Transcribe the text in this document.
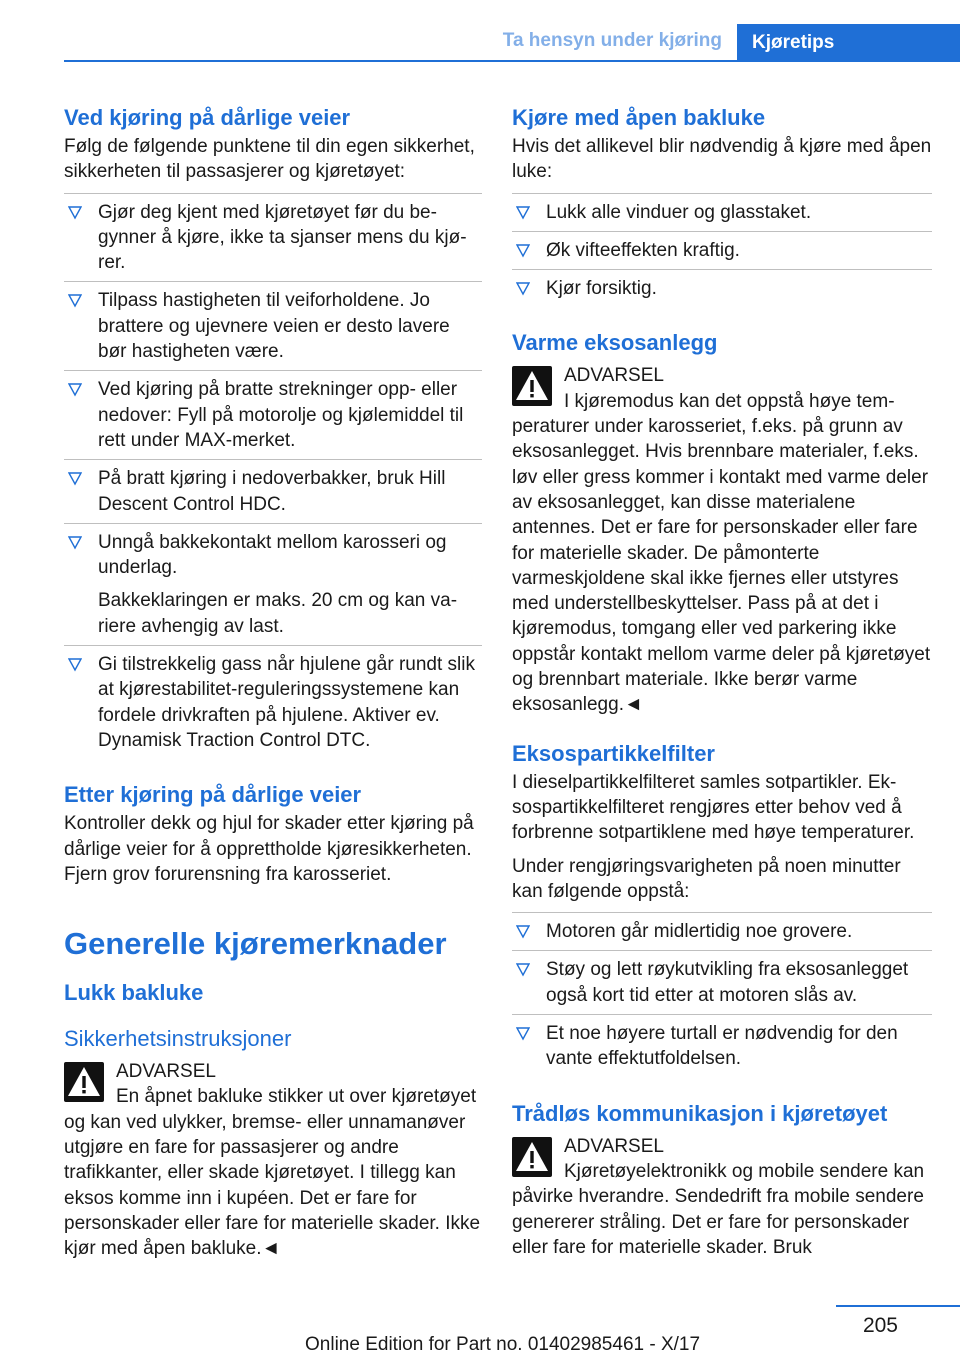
Ta hensyn under kjøring	Kjøretips
Ved kjøring på dårlige veier

Følg de følgende punktene til din egen sikkerhet, sikkerheten til passasjerer og kjøretøyet:

Gjør deg kjent med kjøretøyet før du begynner å kjøre, ikke ta sjanser mens du kjører.
Tilpass hastigheten til veiforholdene. Jo brattere og ujevnere veien er desto lavere bør hastigheten være.
Ved kjøring på bratte strekninger opp- eller nedover: Fyll på motorolje og kjølemiddel til rett under MAX-merket.
På bratt kjøring i nedoverbakker, bruk Hill Descent Control HDC.
Unngå bakkekontakt mellom karosseri og underlag.

Bakkeklaringen er maks. 20 cm og kan variere avhengig av last.

Gi tilstrekkelig gass når hjulene går rundt slik at kjørestabilitet-reguleringssystemene kan fordele drivkraften på hjulene. Aktiver ev. Dynamisk Traction Control DTC.
Etter kjøring på dårlige veier

Kontroller dekk og hjul for skader etter kjøring på dårlige veier for å opprettholde kjøresikkerheten. Fjern grov forurensning fra karosseriet.

Generelle kjøremerknader
Lukk bakluke
Sikkerhetsinstruksjoner
ADVARSEL

En åpnet bakluke stikker ut over kjøretøyet og kan ved ulykker, bremse- eller unnamanøver utgjøre en fare for passasjerer og andre trafikkanter, eller skade kjøretøyet. I tillegg kan eksos komme inn i kupéen. Det er fare for personskader eller fare for materielle skader. Ikke kjør med åpen bakluke.◄

Kjøre med åpen bakluke

Hvis det allikevel blir nødvendig å kjøre med åpen luke:

Lukk alle vinduer og glasstaket.
Øk vifteeffekten kraftig.
Kjør forsiktig.
Varme eksosanlegg
ADVARSEL

I kjøremodus kan det oppstå høye temperaturer under karosseriet, f.eks. på grunn av eksosanlegget. Hvis brennbare materialer, f.eks. løv eller gress kommer i kontakt med varme deler av eksosanlegget, kan disse materialene antennes. Det er fare for personskader eller fare for materielle skader. De påmonterte varmeskjoldene skal ikke fjernes eller utstyres med understellbeskyttelser. Pass på at det i kjøremodus, tomgang eller ved parkering ikke oppstår kontakt mellom varme deler på kjøretøyet og brennbart materiale. Ikke berør varme eksosanlegg.◄

Eksospartikkelfilter

I dieselpartikkelfilteret samles sotpartikler. Eksospartikkelfilteret rengjøres etter behov ved å forbrenne sotpartiklene med høye temperaturer.

Under rengjøringsvarigheten på noen minutter kan følgende oppstå:

Motoren går midlertidig noe grovere.
Støy og lett røykutvikling fra eksosanlegget også kort tid etter at motoren slås av.
Et noe høyere turtall er nødvendig for den vante effektutfoldelsen.
Trådløs kommunikasjon i kjøretøyet
ADVARSEL

Kjøretøyelektronikk og mobile sendere kan påvirke hverandre. Sendedrift fra mobile sendere genererer stråling. Det er fare for personskader eller fare for materielle skader. Bruk

205
Online Edition for Part no. 01402985461 - X/17
